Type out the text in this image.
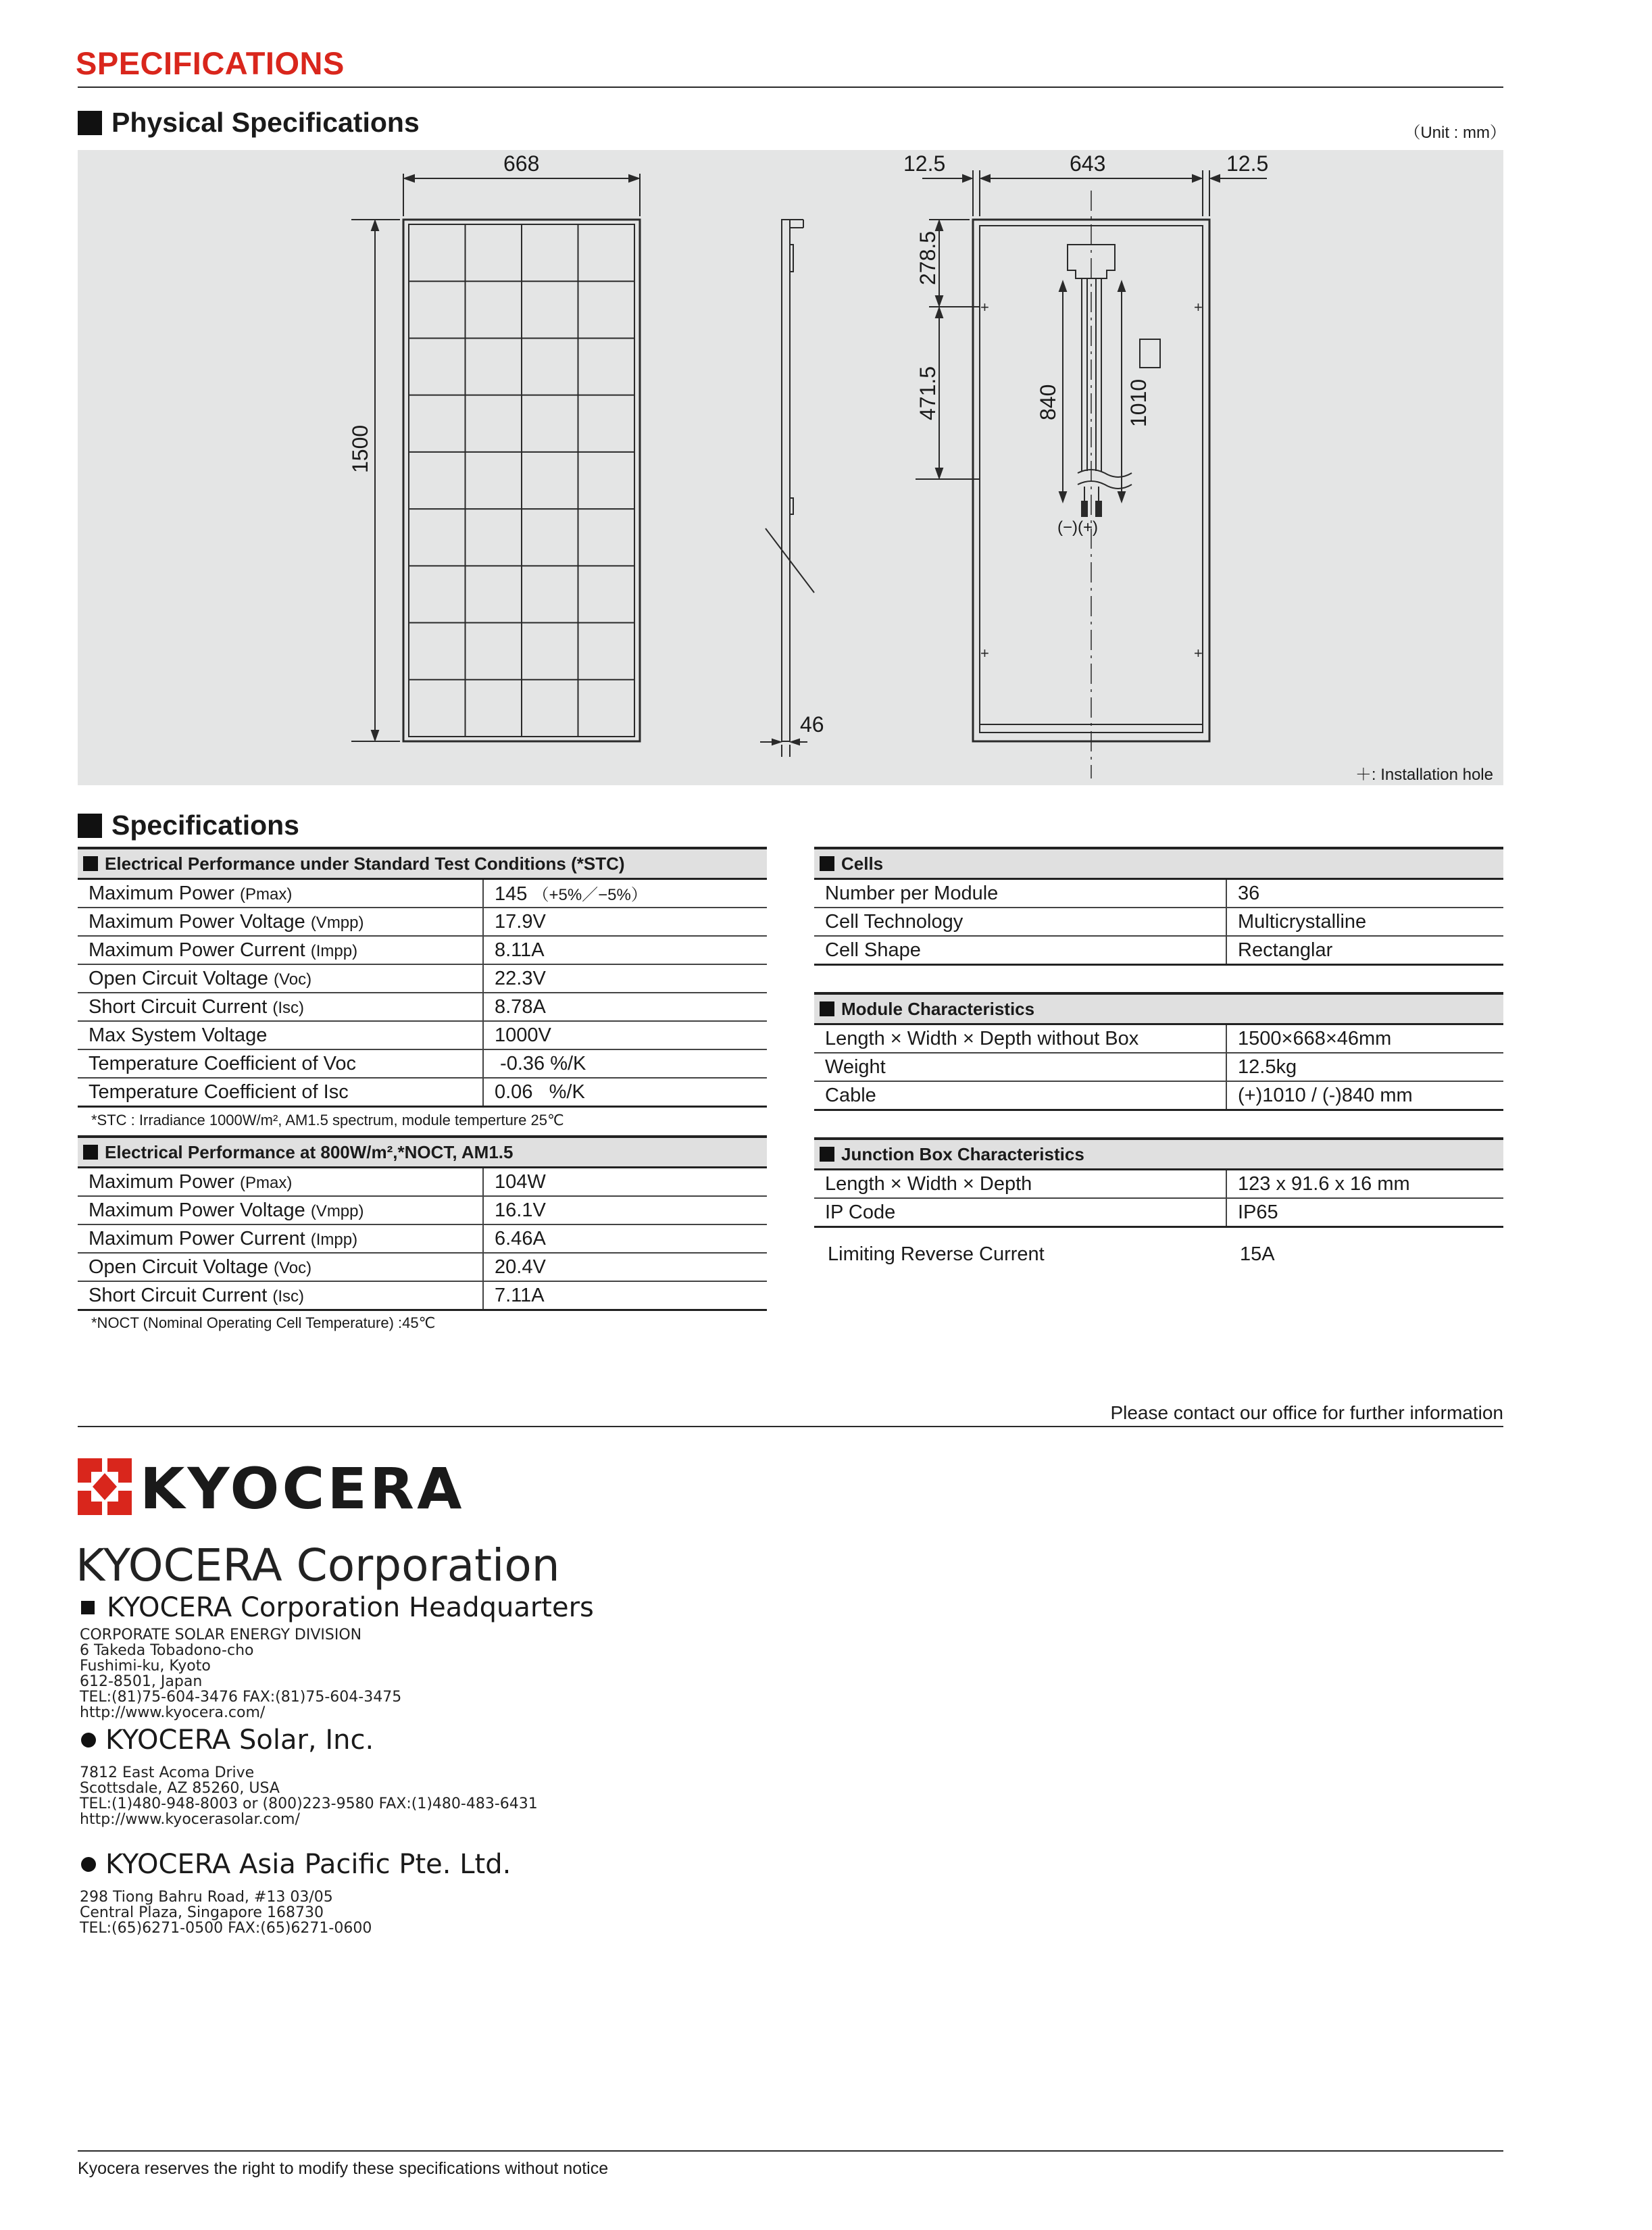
SPECIFICATIONS
Physical Specifications	（Unit : mm）
+	+
+	+
668
1500
46
12.5	643	12.5
278.5
471.5	840	1010
(−)(+)
＋: Installation hole
Specifications
Electrical Performance under Standard Test Conditions (*STC)	
Maximum Power (Pmax)	145 （+5%／−5%）
Maximum Power Voltage (Vmpp)	17.9V
Maximum Power Current (Impp)	8.11A
Open Circuit Voltage (Voc)	22.3V
Short Circuit Current (Isc)	8.78A
Max System Voltage	1000V
Temperature Coefficient of Voc	-0.36 %/K
Temperature Coefficient of Isc	0.06   %/K
*STC : Irradiance 1000W/m², AM1.5 spectrum, module temperture 25℃
Electrical Performance at 800W/m²,*NOCT, AM1.5	
Maximum Power (Pmax)	104W
Maximum Power Voltage (Vmpp)	16.1V
Maximum Power Current (Impp)	6.46A
Open Circuit Voltage (Voc)	20.4V
Short Circuit Current (Isc)	7.11A
*NOCT (Nominal Operating Cell Temperature) :45℃
Cells	
Number per Module	36
Cell Technology	Multicrystalline
Cell Shape	Rectanglar
Module Characteristics	
Length × Width × Depth without Box	1500×668×46mm
Weight	12.5kg
Cable	(+)1010 / (-)840 mm
Junction Box Characteristics	
Length × Width × Depth	123 x 91.6 x 16 mm
IP Code	IP65
Limiting Reverse Current	15A
Please contact our office for further information
KYOCERA
KYOCERA Corporation
KYOCERA Corporation Headquarters
CORPORATE SOLAR ENERGY DIVISION
6 Takeda Tobadono-cho
Fushimi-ku, Kyoto
612-8501, Japan
TEL:(81)75-604-3476 FAX:(81)75-604-3475
http://www.kyocera.com/
KYOCERA Solar, Inc.
7812 East Acoma Drive
Scottsdale, AZ 85260, USA
TEL:(1)480-948-8003 or (800)223-9580 FAX:(1)480-483-6431
http://www.kyocerasolar.com/
KYOCERA Asia Pacific Pte. Ltd.
298 Tiong Bahru Road, #13 03/05
Central Plaza, Singapore 168730
TEL:(65)6271-0500 FAX:(65)6271-0600
Kyocera reserves the right to modify these specifications without notice
